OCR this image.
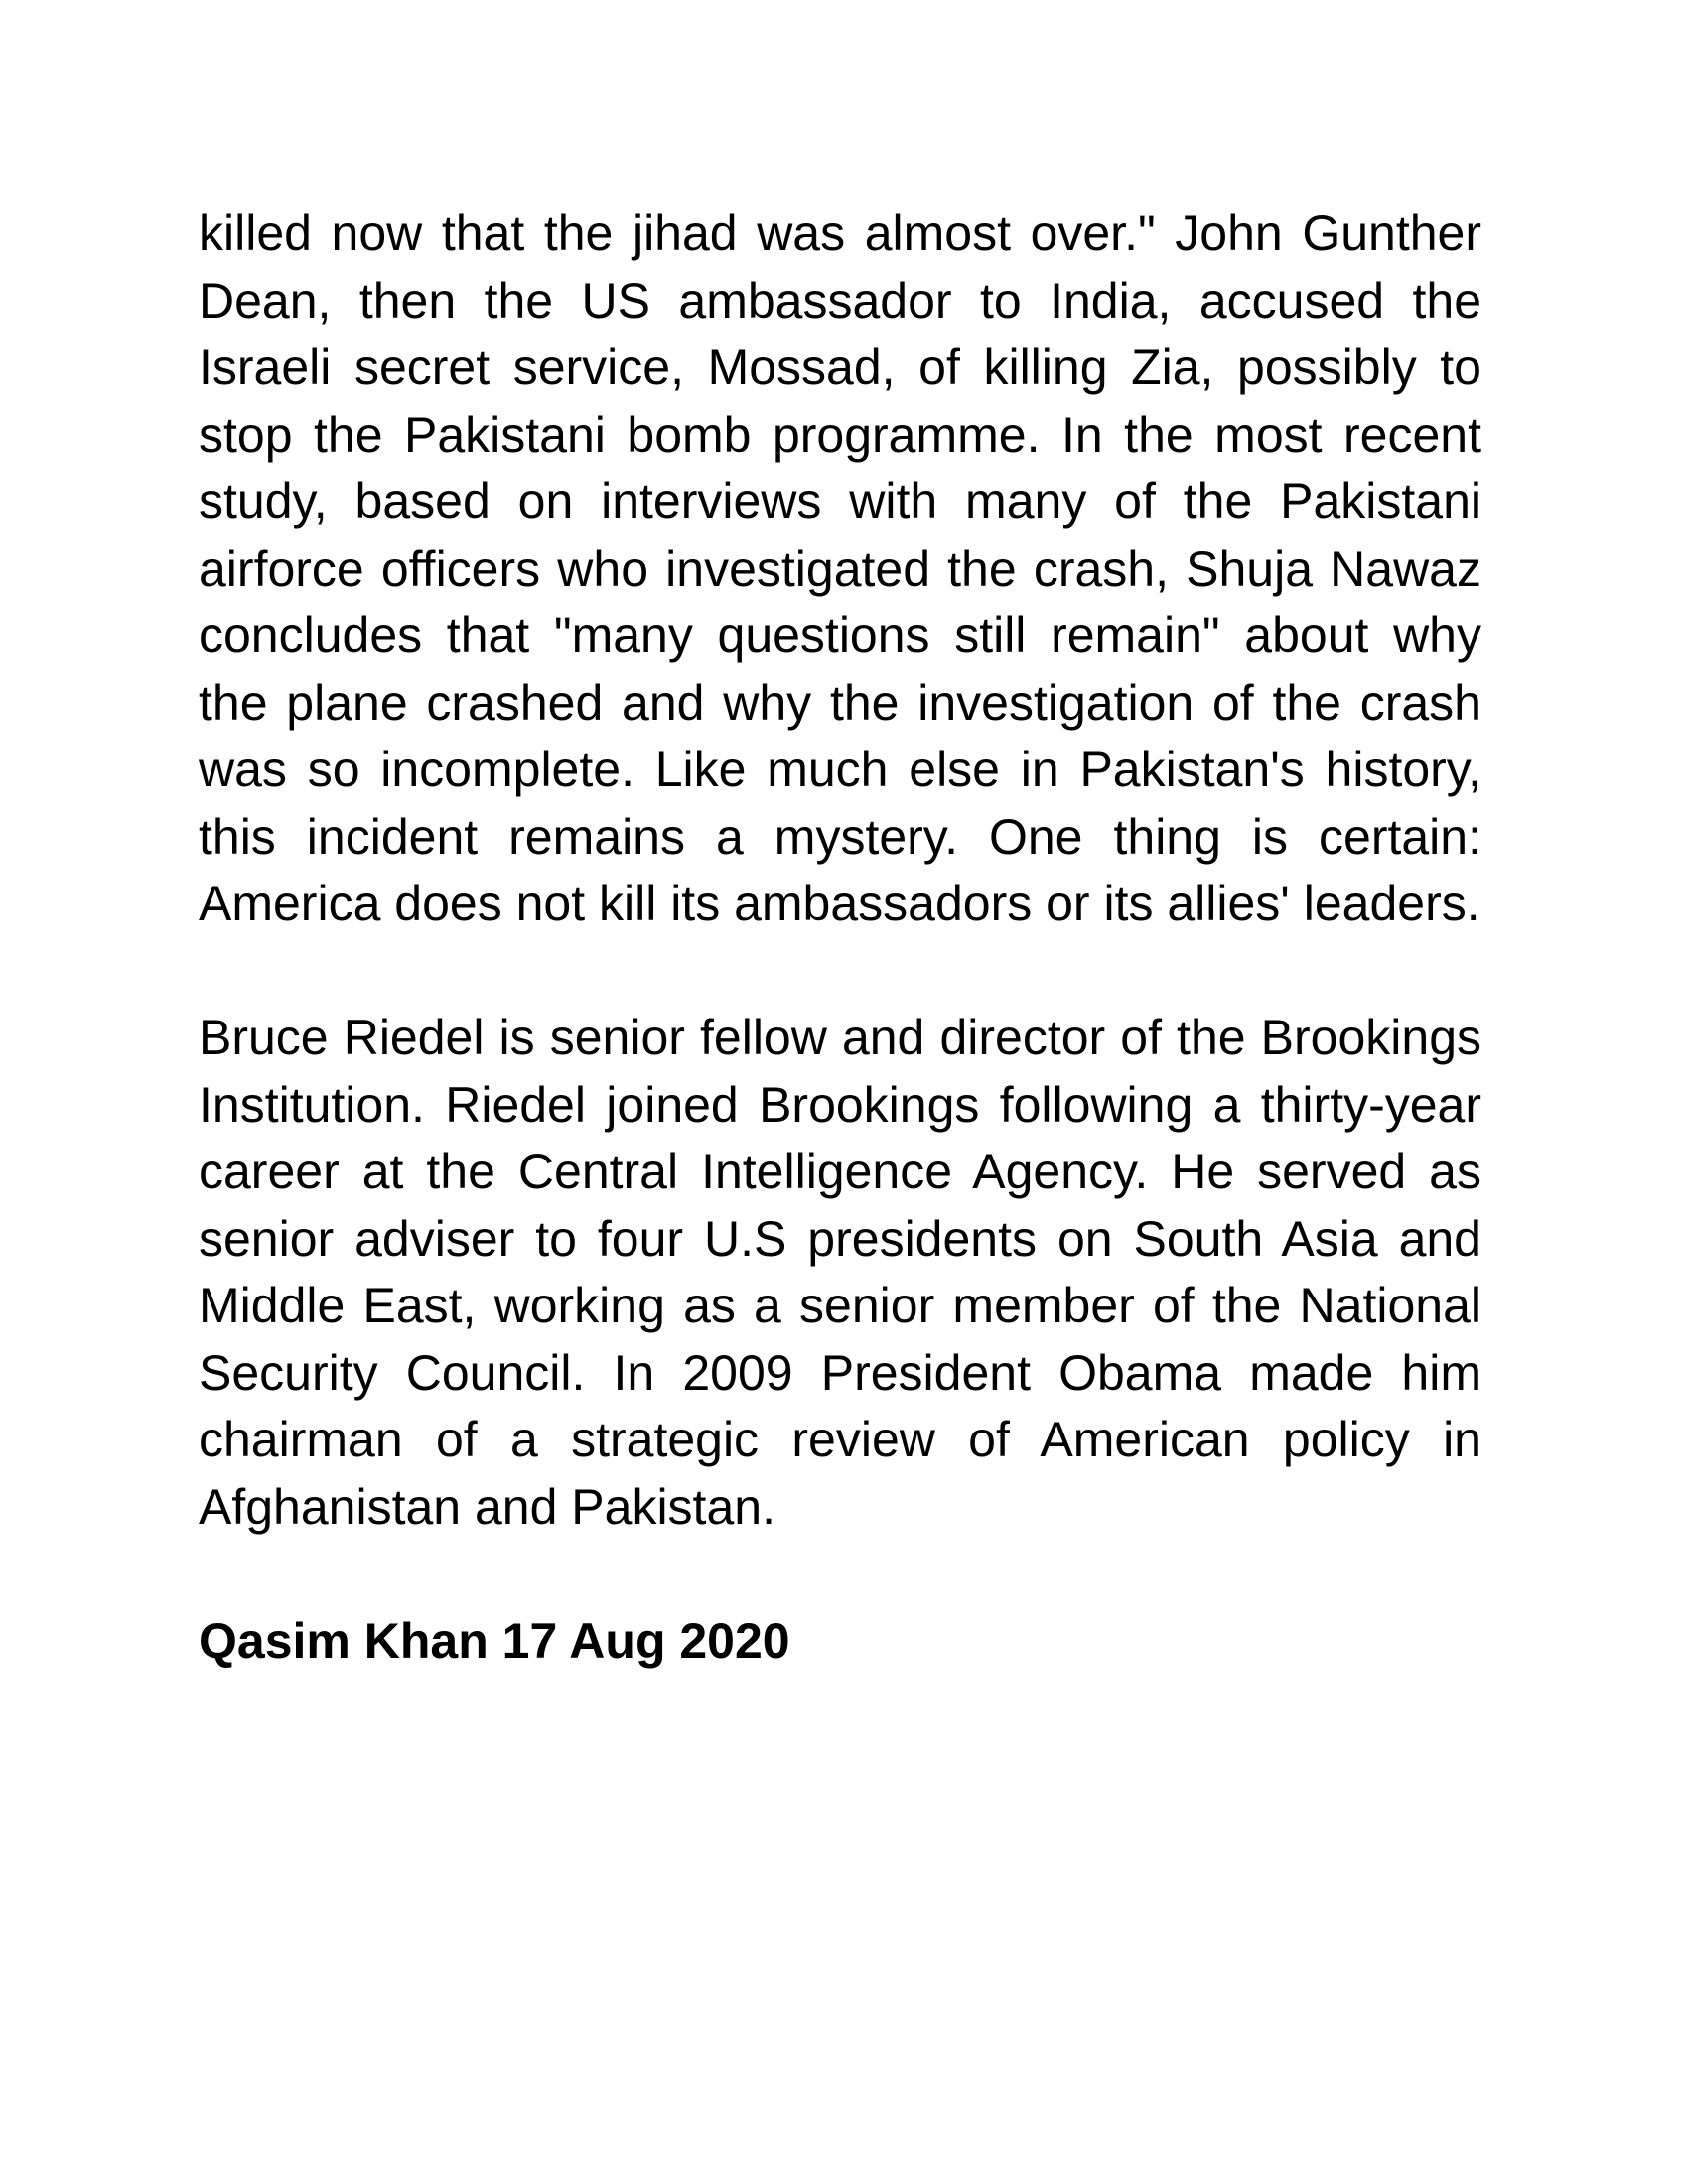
killed now that the jihad was almost over." John Gunther Dean, then the US ambassador to India, accused the Israeli secret service, Mossad, of killing Zia, possibly to stop the Pakistani bomb programme. In the most recent study, based on interviews with many of the Pakistani airforce officers who investigated the crash, Shuja Nawaz concludes that "many questions still remain" about why the plane crashed and why the investigation of the crash was so incomplete. Like much else in Pakistan's history, this incident remains a mystery. One thing is certain: America does not kill its ambassadors or its allies' leaders.

Bruce Riedel is senior fellow and director of the Brookings Institution. Riedel joined Brookings following a thirty-year career at the Central Intelligence Agency. He served as senior adviser to four U.S presidents on South Asia and Middle East, working as a senior member of the National Security Council. In 2009 President Obama made him chairman of a strategic review of American policy in Afghanistan and Pakistan.

Qasim Khan 17 Aug 2020
